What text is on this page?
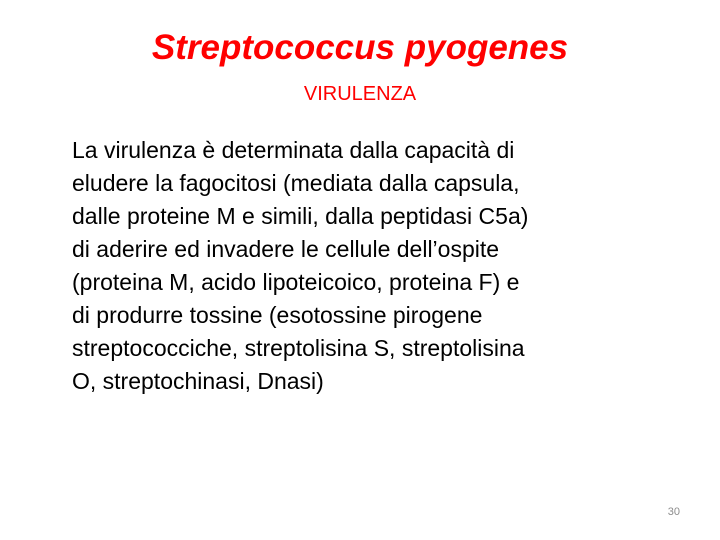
Streptococcus pyogenes
VIRULENZA
La virulenza è determinata dalla capacità di
eludere la fagocitosi (mediata dalla capsula,
dalle proteine M e simili, dalla peptidasi C5a)
di aderire ed invadere le cellule dell’ospite
(proteina M, acido lipoteicoico, proteina F) e
di produrre tossine (esotossine pirogene
streptococciche, streptolisina S, streptolisina
O, streptochinasi, Dnasi)
30
